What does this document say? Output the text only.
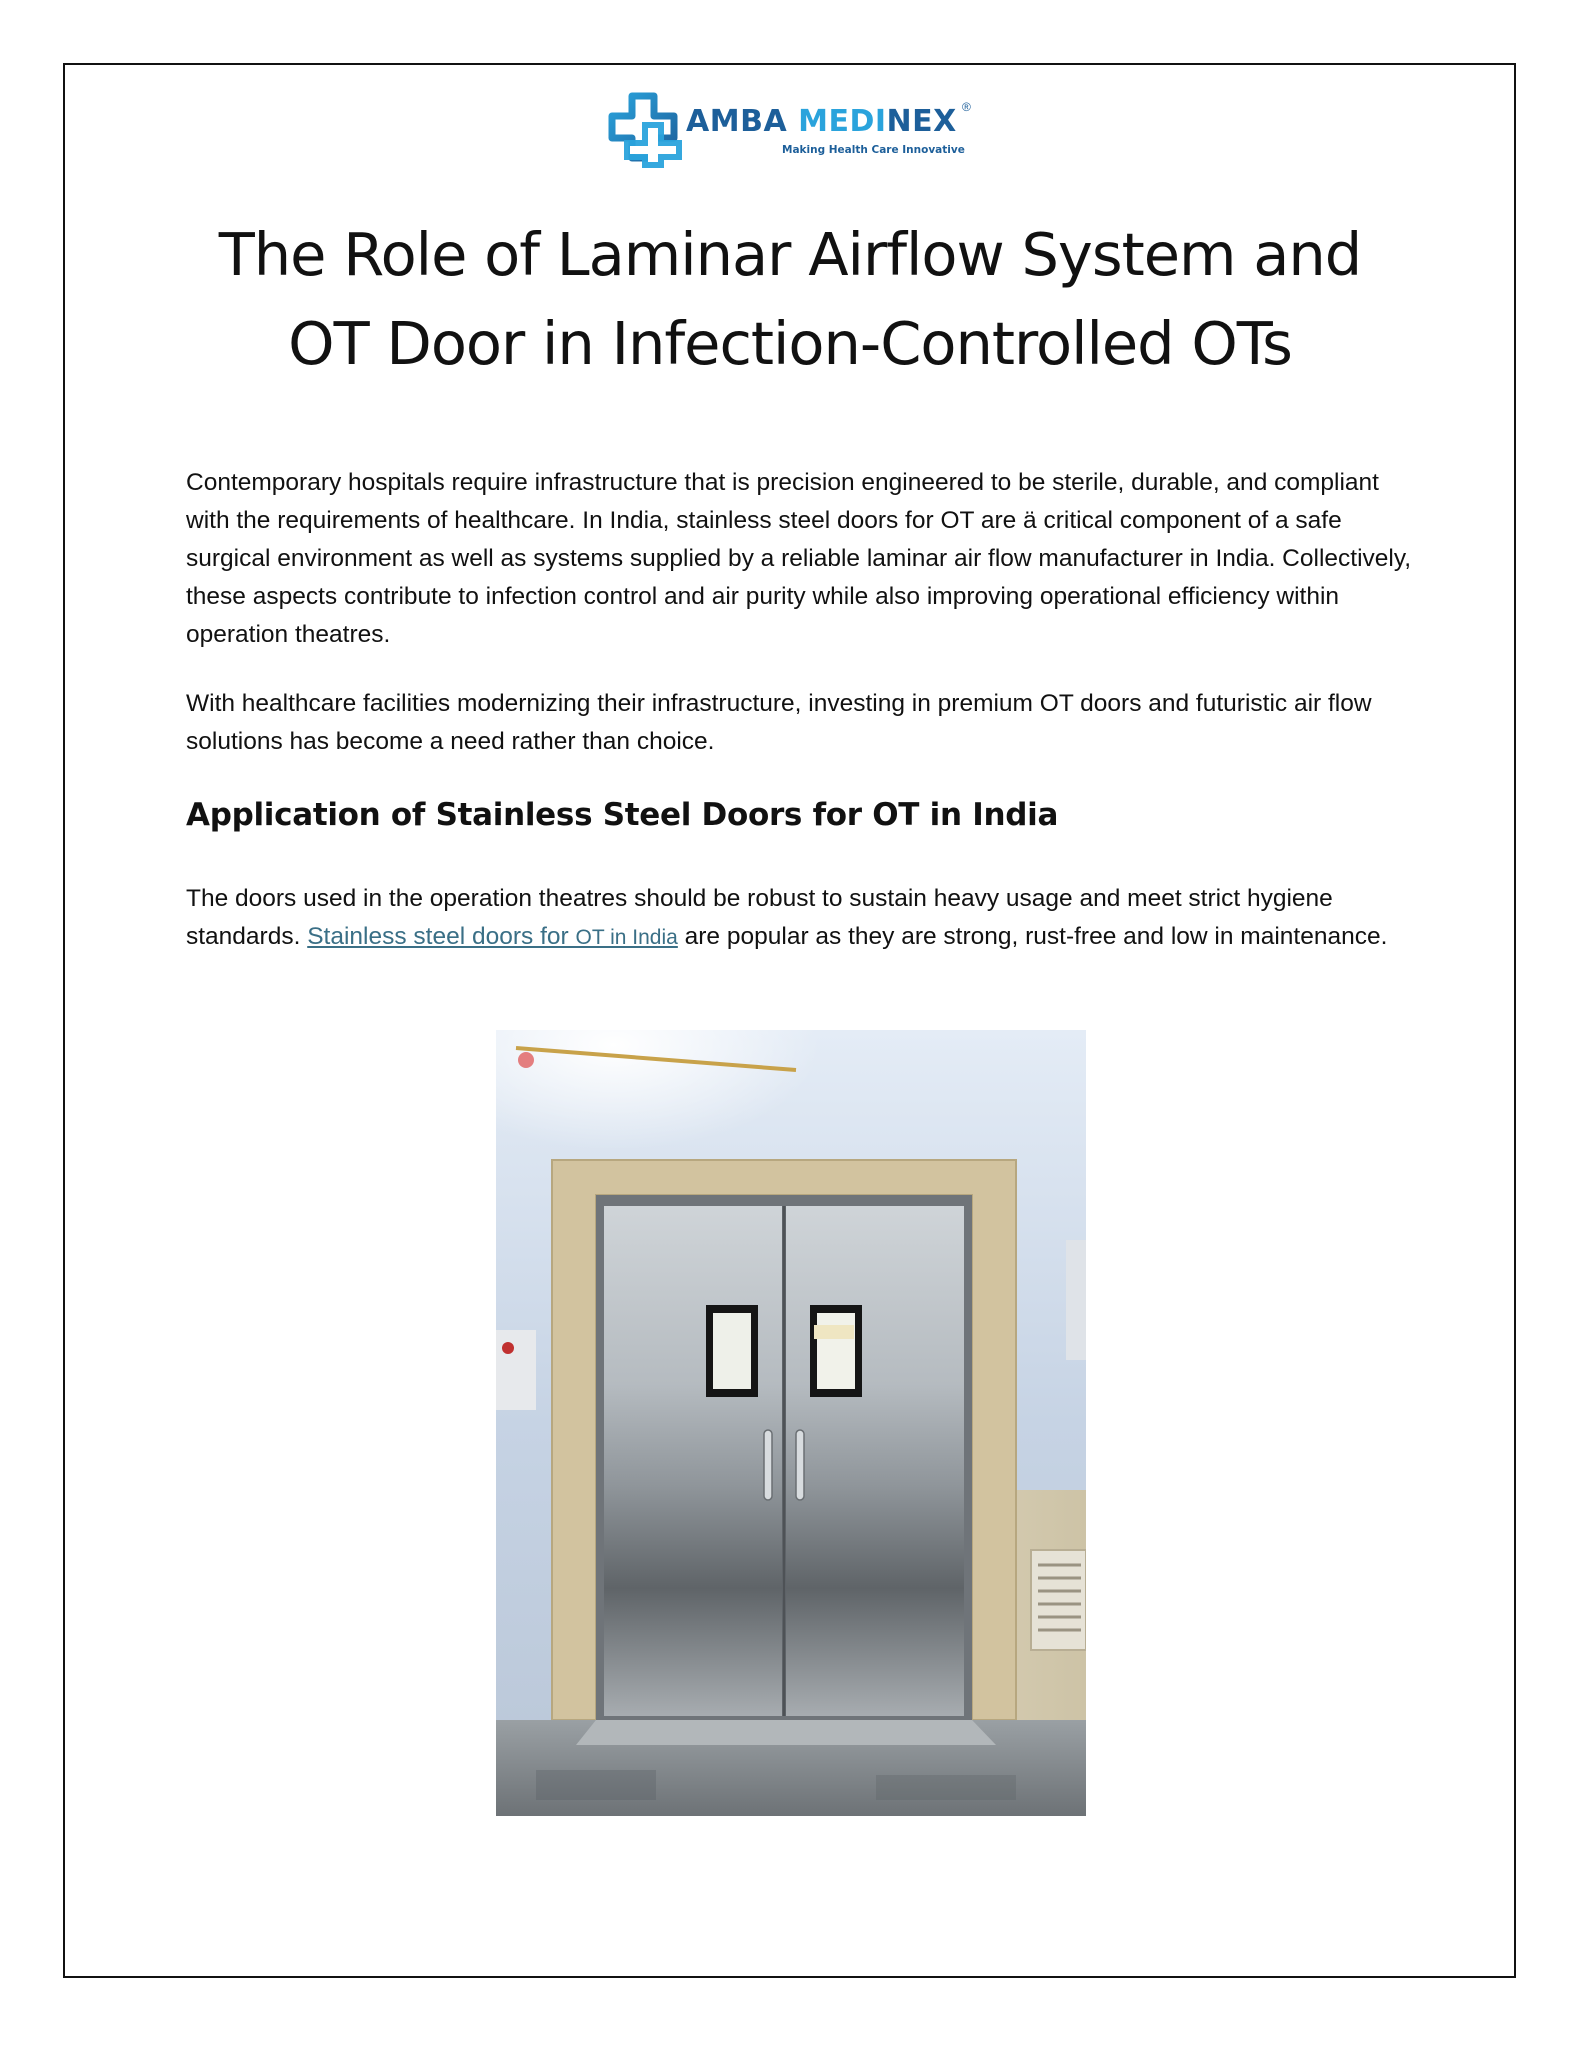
AMBA MEDINEX ®
Making Health Care Innovative
The Role of Laminar Airflow System and
OT Door in Infection-Controlled OTs

Contemporary hospitals require infrastructure that is precision engineered to be sterile, durable, and compliant with the requirements of healthcare. In India, stainless steel doors for OT are ä critical component of a safe surgical environment as well as systems supplied by a reliable laminar air flow manufacturer in India. Collectively, these aspects contribute to infection control and air purity while also improving operational efficiency within operation theatres.

With healthcare facilities modernizing their infrastructure, investing in premium OT doors and futuristic air flow solutions has become a need rather than choice.

Application of Stainless Steel Doors for OT in India

The doors used in the operation theatres should be robust to sustain heavy usage and meet strict hygiene standards. Stainless steel doors for OT in India are popular as they are strong, rust-free and low in maintenance.
